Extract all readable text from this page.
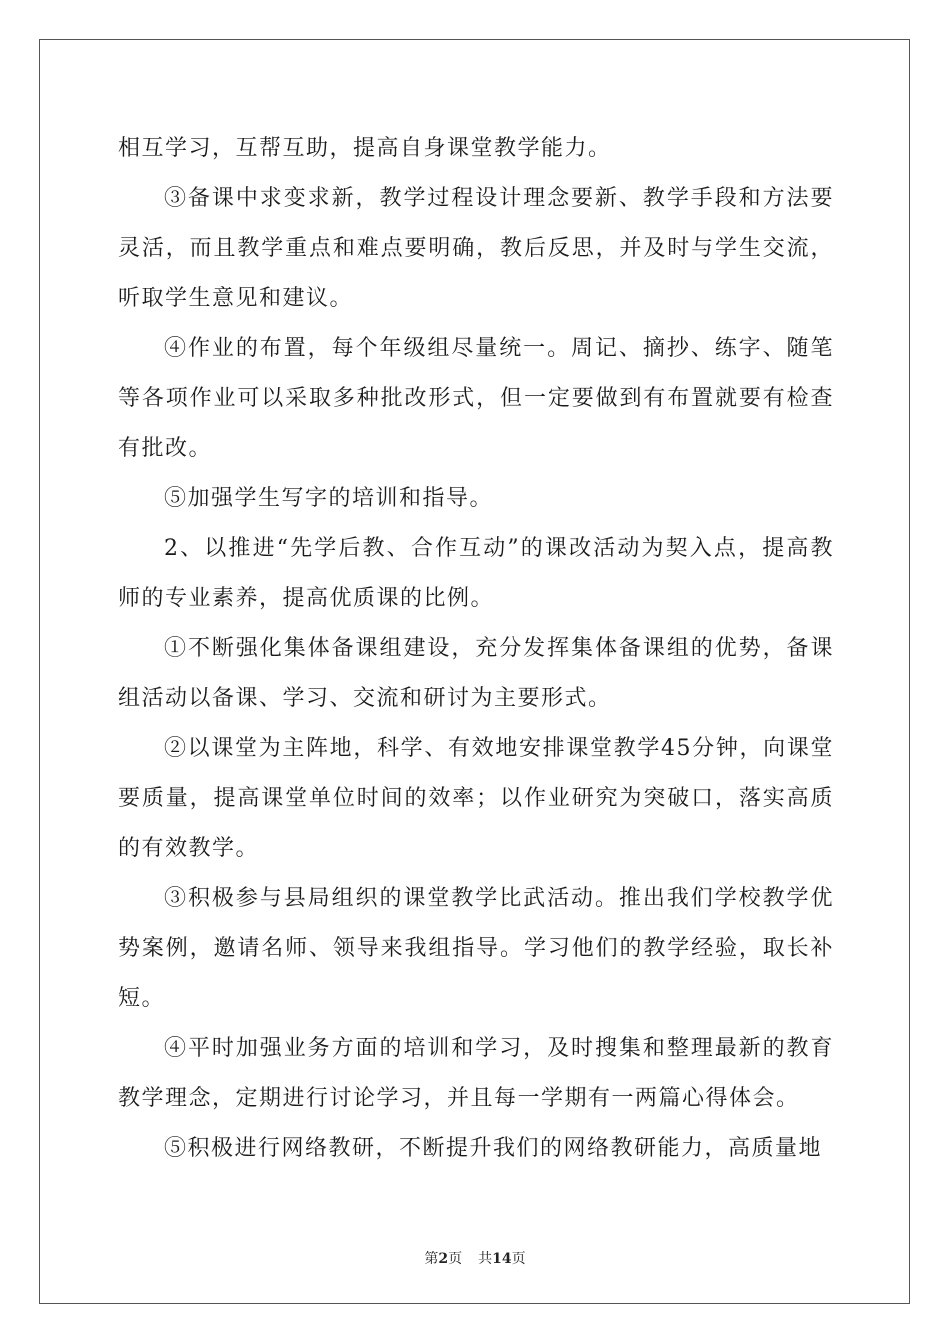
相互学习，互帮互助，提高自身课堂教学能力。

③备课中求变求新，教学过程设计理念要新、教学手段和方法要灵活，而且教学重点和难点要明确，教后反思，并及时与学生交流，听取学生意见和建议。

④作业的布置，每个年级组尽量统一。周记、摘抄、练字、随笔等各项作业可以采取多种批改形式，但一定要做到有布置就要有检查有批改。

⑤加强学生写字的培训和指导。

2、以推进“先学后教、合作互动”的课改活动为契入点，提高教师的专业素养，提高优质课的比例。

①不断强化集体备课组建设，充分发挥集体备课组的优势，备课组活动以备课、学习、交流和研讨为主要形式。

②以课堂为主阵地，科学、有效地安排课堂教学45分钟，向课堂要质量，提高课堂单位时间的效率；以作业研究为突破口，落实高质的有效教学。

③积极参与县局组织的课堂教学比武活动。推出我们学校教学优势案例，邀请名师、领导来我组指导。学习他们的教学经验，取长补短。

④平时加强业务方面的培训和学习，及时搜集和整理最新的教育教学理念，定期进行讨论学习，并且每一学期有一两篇心得体会。

⑤积极进行网络教研，不断提升我们的网络教研能力，高质量地

第2页 共14页
